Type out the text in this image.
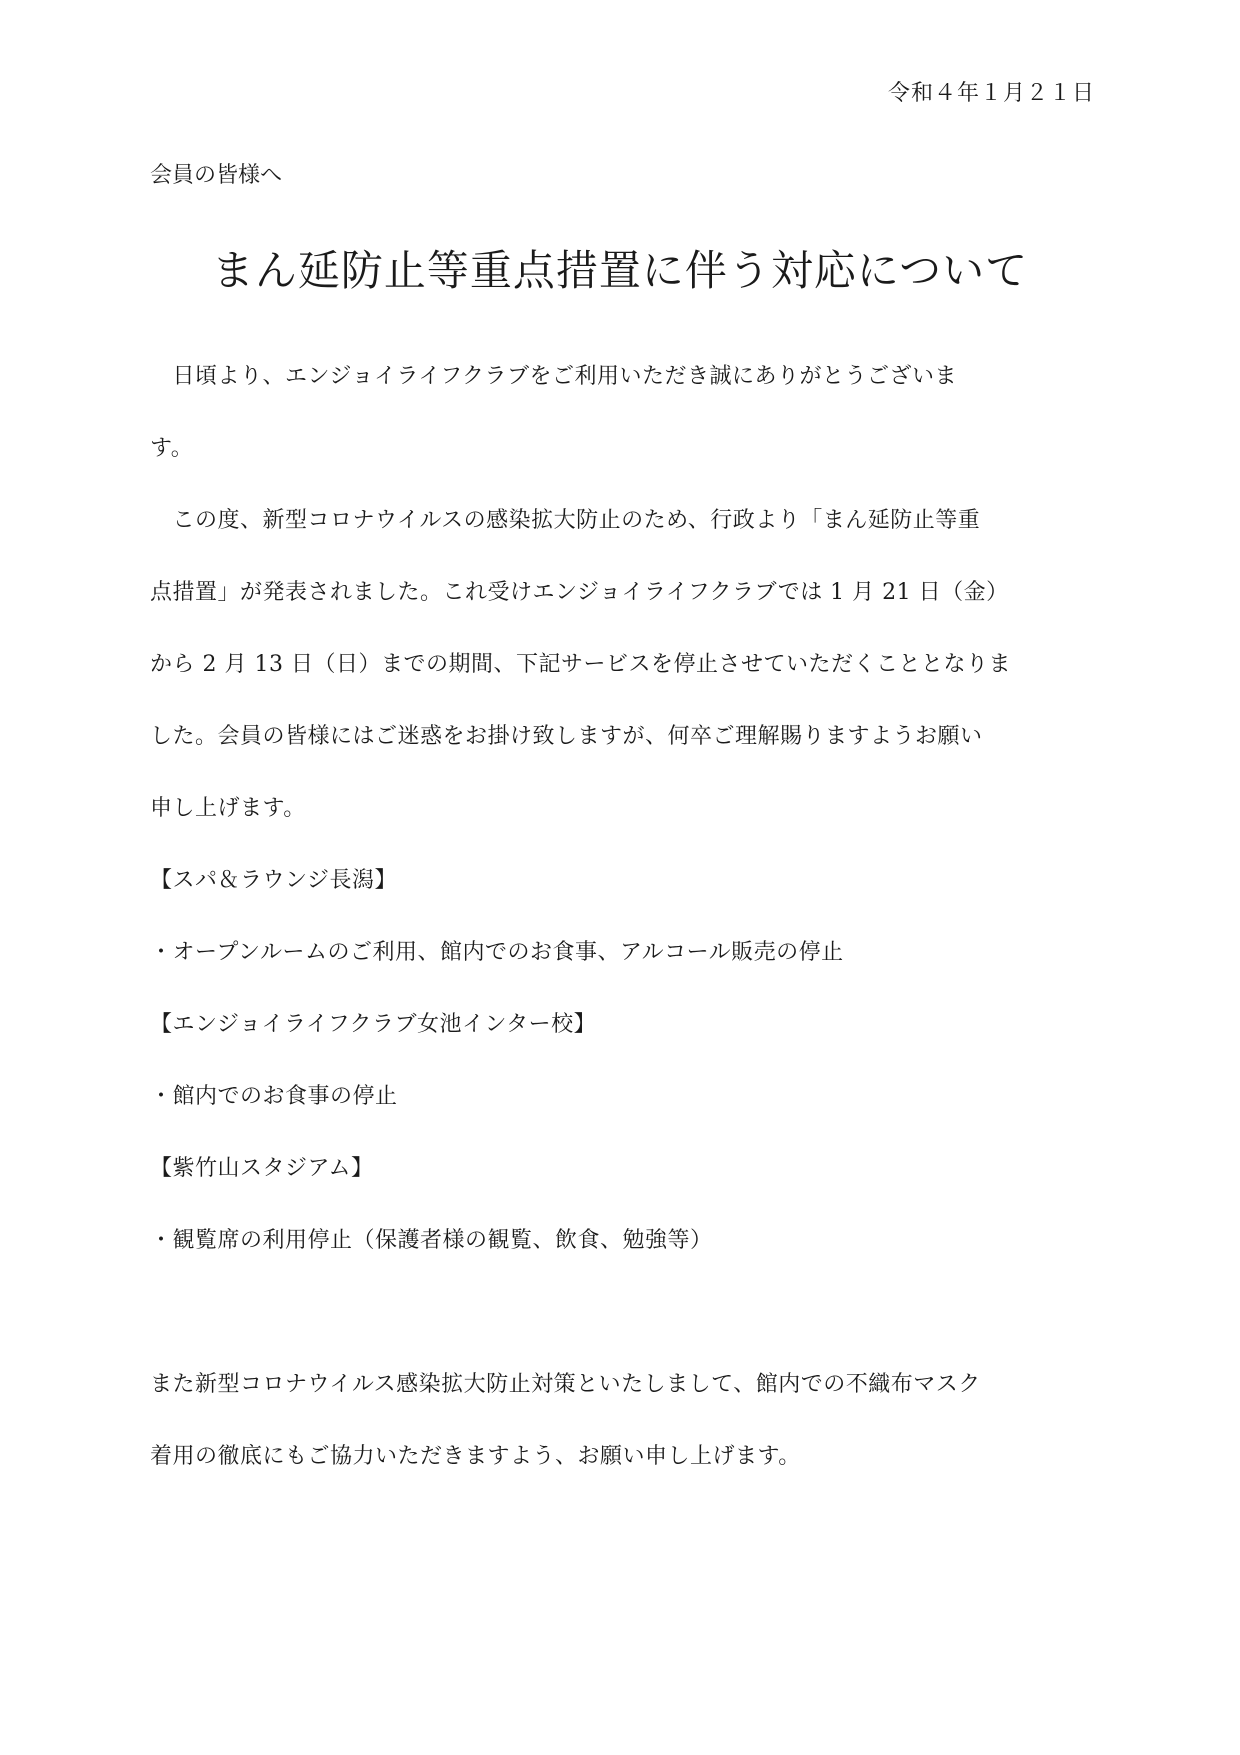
令和４年１月２１日
会員の皆様へ
まん延防止等重点措置に伴う対応について
　日頃より、エンジョイライフクラブをご利用いただき誠にありがとうございま
す。
　この度、新型コロナウイルスの感染拡大防止のため、行政より「まん延防止等重
点措置」が発表されました。これ受けエンジョイライフクラブでは 1 月 21 日（金）
から 2 月 13 日（日）までの期間、下記サービスを停止させていただくこととなりま
した。会員の皆様にはご迷惑をお掛け致しますが、何卒ご理解賜りますようお願い
申し上げます。
【スパ＆ラウンジ長潟】
・オープンルームのご利用、館内でのお食事、アルコール販売の停止
【エンジョイライフクラブ女池インター校】
・館内でのお食事の停止
【紫竹山スタジアム】
・観覧席の利用停止（保護者様の観覧、飲食、勉強等）
また新型コロナウイルス感染拡大防止対策といたしまして、館内での不織布マスク
着用の徹底にもご協力いただきますよう、お願い申し上げます。
